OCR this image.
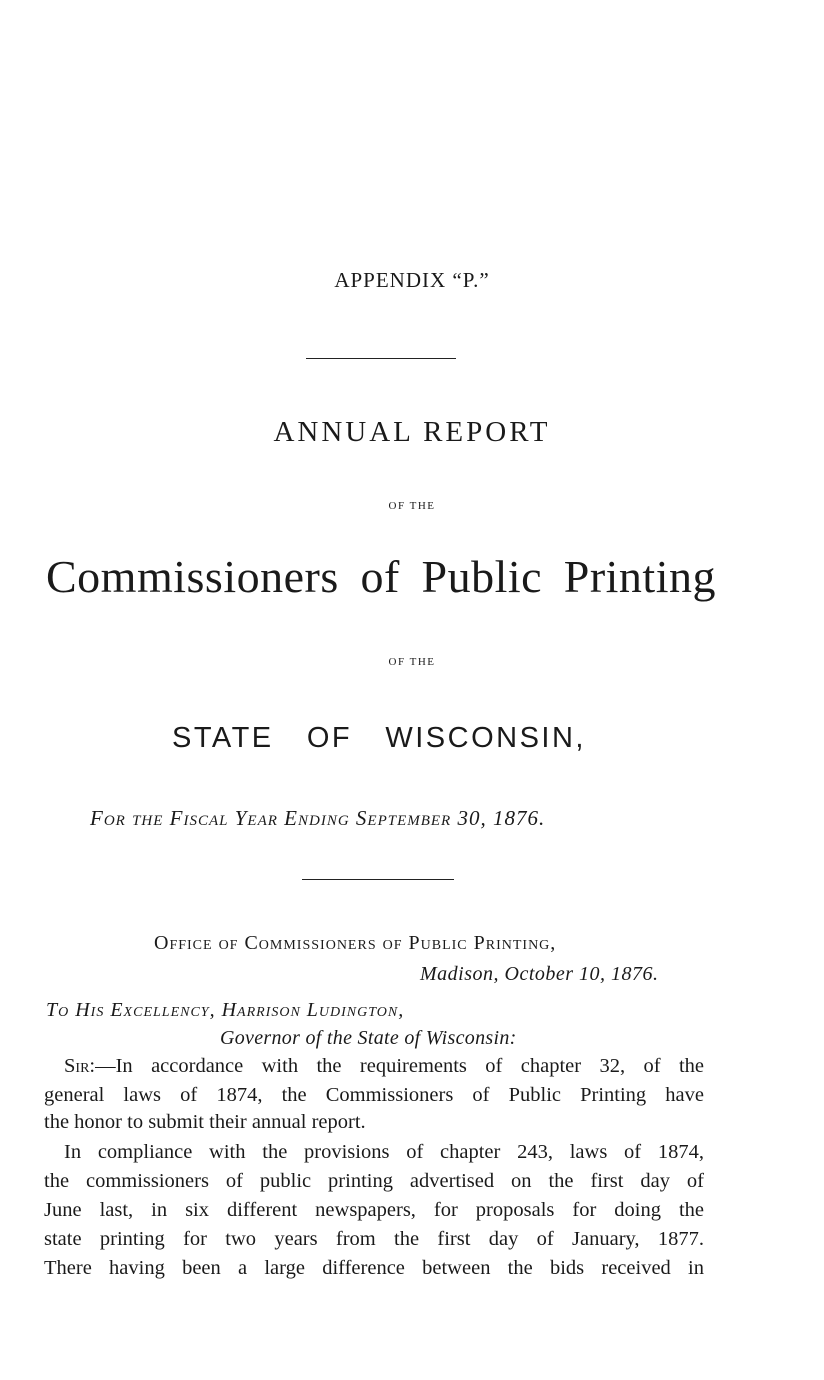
APPENDIX “P.”
ANNUAL REPORT
OF THE
Commissioners of Public Printing
OF THE
STATE OF WISCONSIN,
For the Fiscal Year Ending September 30, 1876.
Office of Commissioners of Public Printing,
Madison, October 10, 1876.
To His Excellency, Harrison Ludington,
Governor of the State of Wisconsin:
Sir:—In accordance with the requirements of chapter 32, of the
general laws of 1874, the Commissioners of Public Printing have
the honor to submit their annual report.
In compliance with the provisions of chapter 243, laws of 1874,
the commissioners of public printing advertised on the first day of
June last, in six different newspapers, for proposals for doing the
state printing for two years from the first day of January, 1877.
There having been a large difference between the bids received in
